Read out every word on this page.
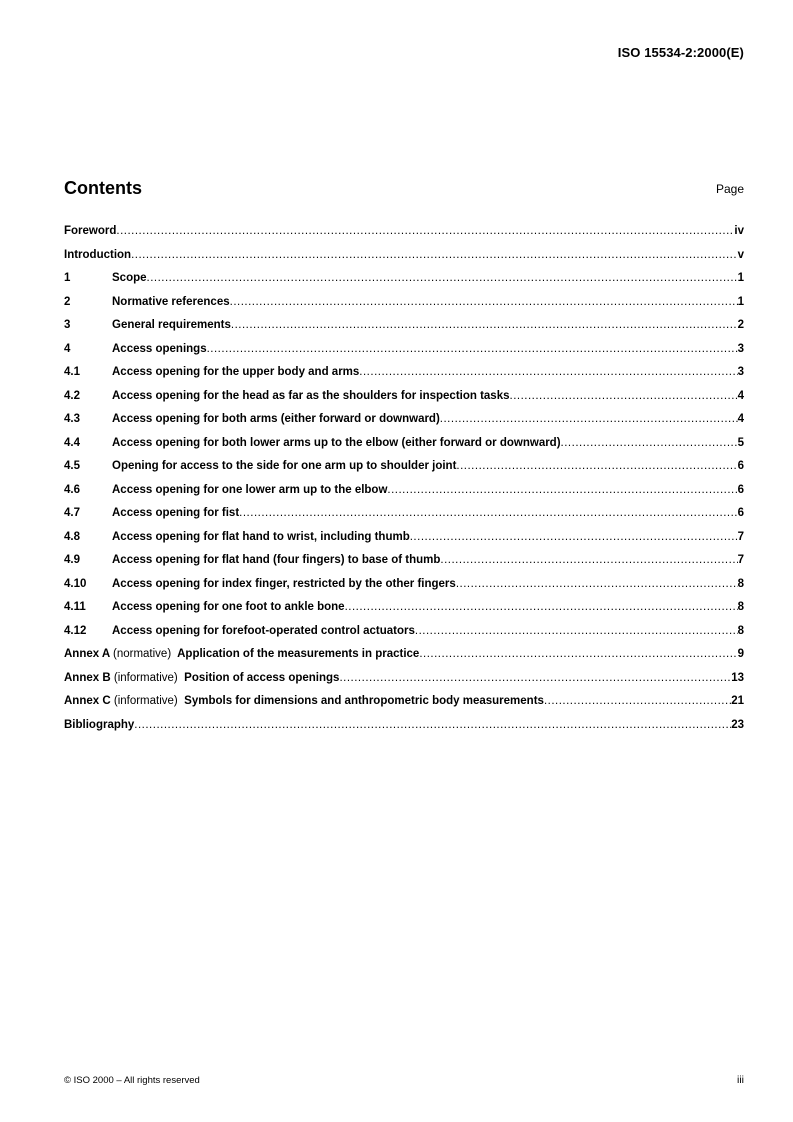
ISO 15534-2:2000(E)
Contents	Page
Foreword .....	iv
Introduction .....	v
1	Scope .....	1
2	Normative references .....	1
3	General requirements .....	2
4	Access openings .....	3
4.1	Access opening for the upper body and arms .....	3
4.2	Access opening for the head as far as the shoulders for inspection tasks .....	4
4.3	Access opening for both arms (either forward or downward) .....	4
4.4	Access opening for both lower arms up to the elbow (either forward or downward) .....	5
4.5	Opening for access to the side for one arm up to shoulder joint .....	6
4.6	Access opening for one lower arm up to the elbow .....	6
4.7	Access opening for fist .....	6
4.8	Access opening for flat hand to wrist, including thumb .....	7
4.9	Access opening for flat hand (four fingers) to base of thumb .....	7
4.10	Access opening for index finger, restricted by the other fingers .....	8
4.11	Access opening for one foot to ankle bone .....	8
4.12	Access opening for forefoot-operated control actuators .....	8
Annex A (normative) Application of the measurements in practice .....	9
Annex B (informative) Position of access openings .....	13
Annex C (informative) Symbols for dimensions and anthropometric body measurements .....	21
Bibliography .....	23
© ISO 2000 – All rights reserved	iii
